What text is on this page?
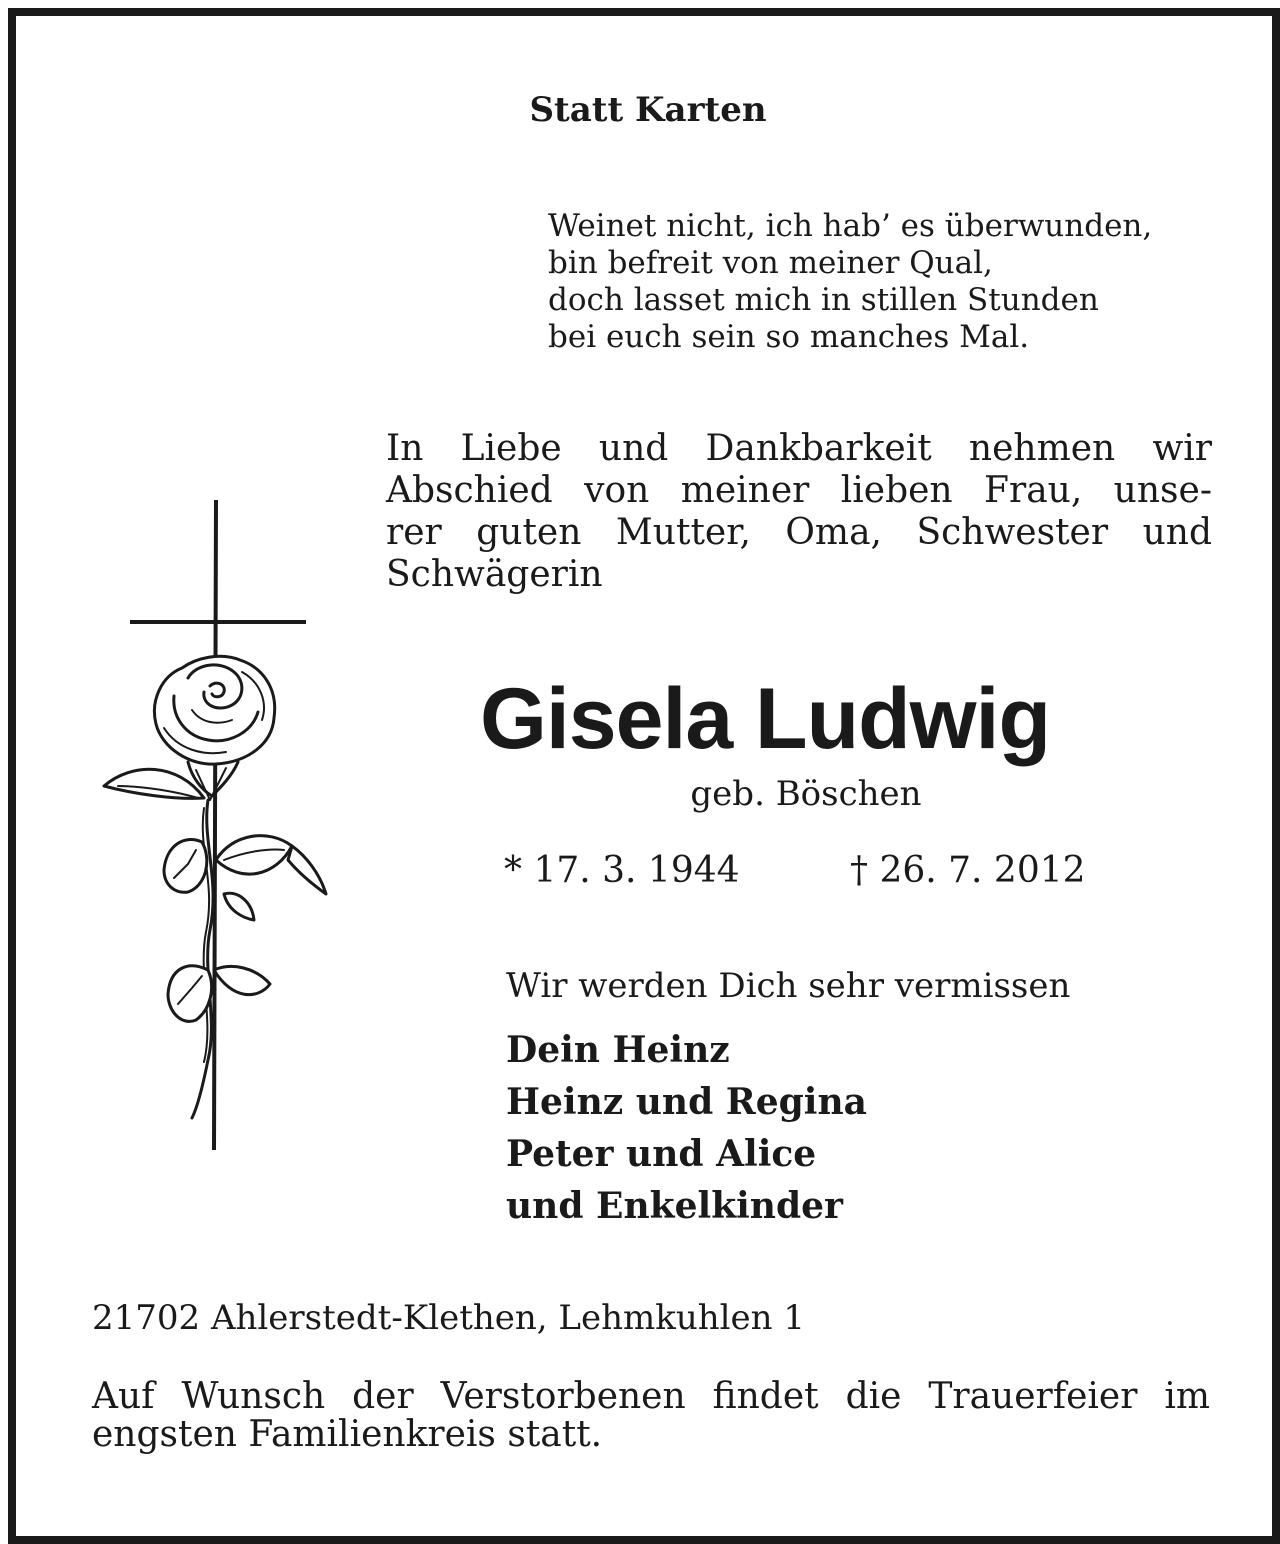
Statt Karten

Weinet nicht, ich hab’ es überwunden,
bin befreit von meiner Qual,
doch lasset mich in stillen Stunden
bei euch sein so manches Mal.
In Liebe und Dankbarkeit nehmen wir
Abschied von meiner lieben Frau, unse-
rer guten Mutter, Oma, Schwester und
Schwägerin

Gisela Ludwig

geb. Böschen

* 17. 3. 1944	† 26. 7. 2012

Wir werden Dich sehr vermissen

Dein Heinz
Heinz und Regina
Peter und Alice
und Enkelkinder

21702 Ahlerstedt-Klethen, Lehmkuhlen 1

Auf Wunsch der Verstorbenen findet die Trauerfeier im
engsten Familienkreis statt.
